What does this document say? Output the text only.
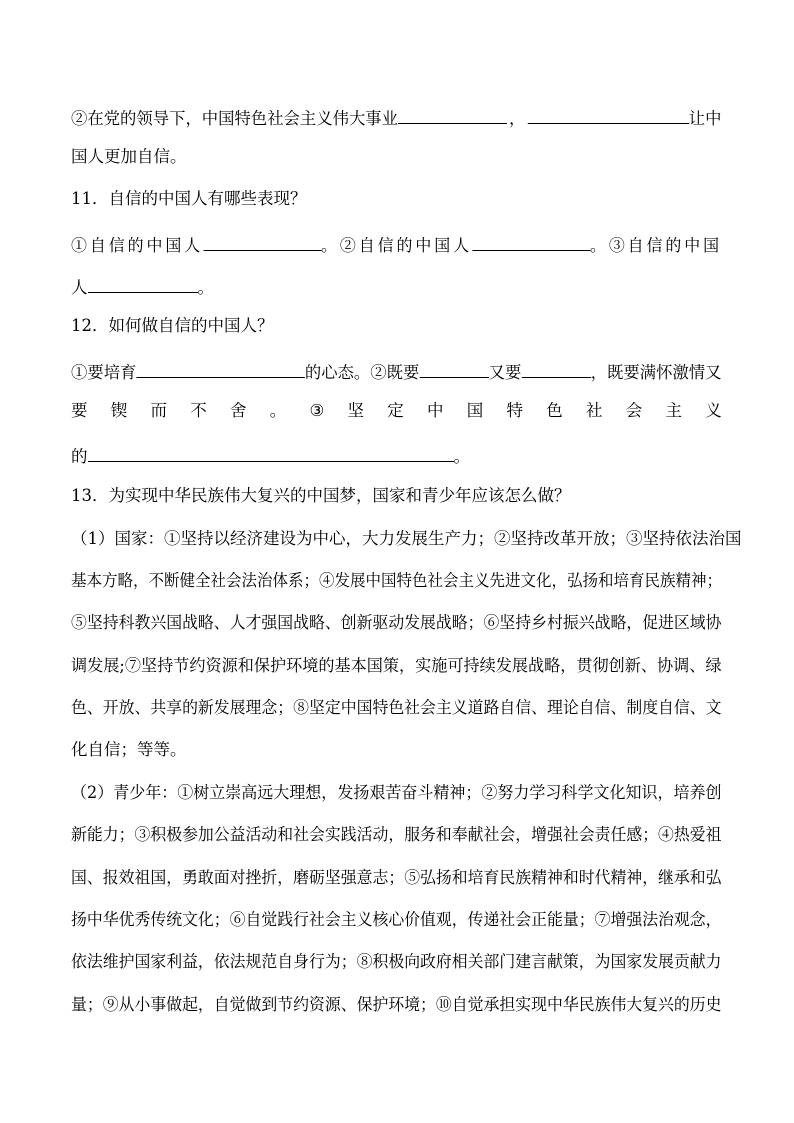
②在党的领导下，中国特色社会主义伟大事业	，	让中
国人更加自信。
11．自信的中国人有哪些表现？
①自信的中国人	。②自信的中国人	。③自信的中国
人	。
12．如何做自信的中国人？
①要培育	的心态。②既要	又要	，既要满怀激情又
要 锲 而 不 舍 。 ③ 坚 定 中 国 特 色 社 会 主 义
的	。
13．为实现中华民族伟大复兴的中国梦，国家和青少年应该怎么做？
（1）国家：①坚持以经济建设为中心，大力发展生产力；②坚持改革开放；③坚持依法治国
基本方略，不断健全社会法治体系；④发展中国特色社会主义先进文化，弘扬和培育民族精神；
⑤坚持科教兴国战略、人才强国战略、创新驱动发展战略；⑥坚持乡村振兴战略，促进区域协
调发展;⑦坚持节约资源和保护环境的基本国策，实施可持续发展战略，贯彻创新、协调、绿
色、开放、共享的新发展理念；⑧坚定中国特色社会主义道路自信、理论自信、制度自信、文
化自信；等等。
（2）青少年：①树立崇高远大理想，发扬艰苦奋斗精神；②努力学习科学文化知识，培养创
新能力；③积极参加公益活动和社会实践活动，服务和奉献社会，增强社会责任感；④热爱祖
国、报效祖国，勇敢面对挫折，磨砺坚强意志；⑤弘扬和培育民族精神和时代精神，继承和弘
扬中华优秀传统文化；⑥自觉践行社会主义核心价值观，传递社会正能量；⑦增强法治观念，
依法维护国家利益，依法规范自身行为；⑧积极向政府相关部门建言献策，为国家发展贡献力
量；⑨从小事做起，自觉做到节约资源、保护环境；⑩自觉承担实现中华民族伟大复兴的历史
